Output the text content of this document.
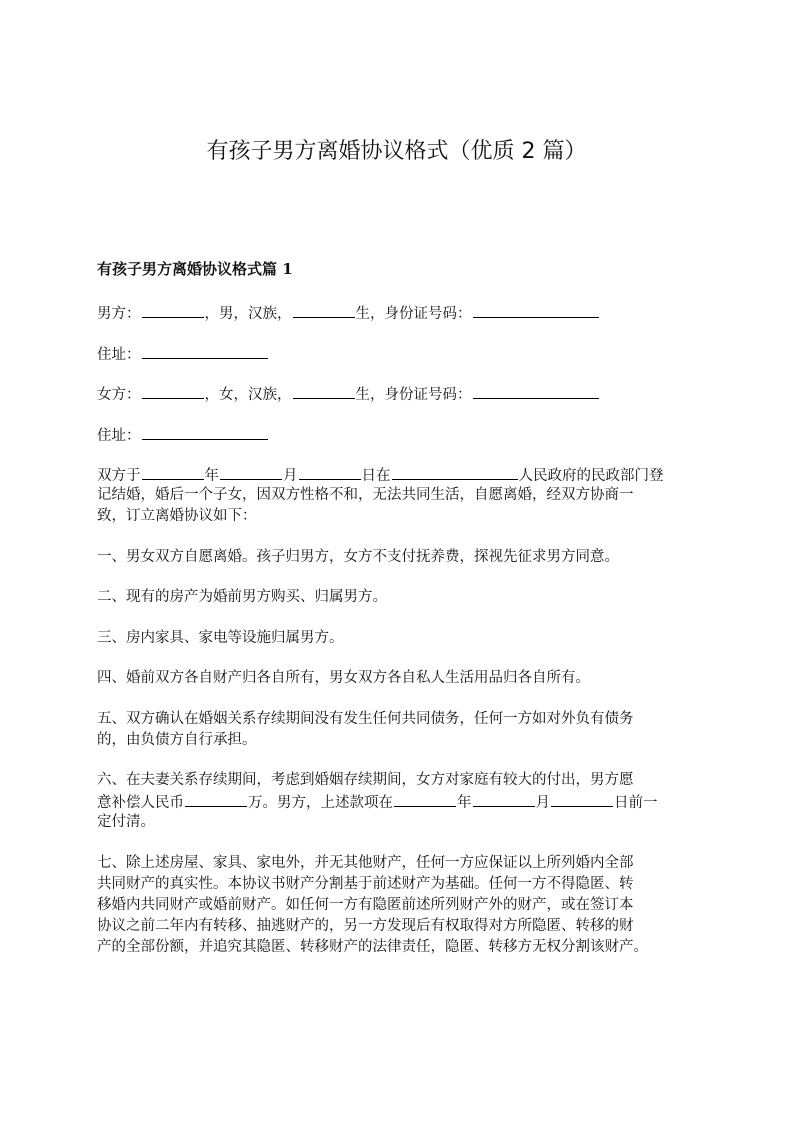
有孩子男方离婚协议格式（优质 2 篇）
有孩子男方离婚协议格式篇 1
男方：	，男，汉族，	生，身份证号码：
住址：
女方：	，女，汉族，	生，身份证号码：
住址：
双方于	年	月	日在	人民政府的民政部门登
记结婚，婚后一个子女，因双方性格不和，无法共同生活，自愿离婚，经双方协商一
致，订立离婚协议如下：
一、男女双方自愿离婚。孩子归男方，女方不支付抚养费，探视先征求男方同意。
二、现有的房产为婚前男方购买、归属男方。
三、房内家具、家电等设施归属男方。
四、婚前双方各自财产归各自所有，男女双方各自私人生活用品归各自所有。
五、双方确认在婚姻关系存续期间没有发生任何共同债务，任何一方如对外负有债务
的，由负债方自行承担。
六、在夫妻关系存续期间，考虑到婚姻存续期间，女方对家庭有较大的付出，男方愿
意补偿人民币	万。男方，上述款项在	年	月	日前一
定付清。
七、除上述房屋、家具、家电外，并无其他财产，任何一方应保证以上所列婚内全部
共同财产的真实性。本协议书财产分割基于前述财产为基础。任何一方不得隐匿、转
移婚内共同财产或婚前财产。如任何一方有隐匿前述所列财产外的财产，或在签订本
协议之前二年内有转移、抽逃财产的，另一方发现后有权取得对方所隐匿、转移的财
产的全部份额，并追究其隐匿、转移财产的法律责任，隐匿、转移方无权分割该财产。
